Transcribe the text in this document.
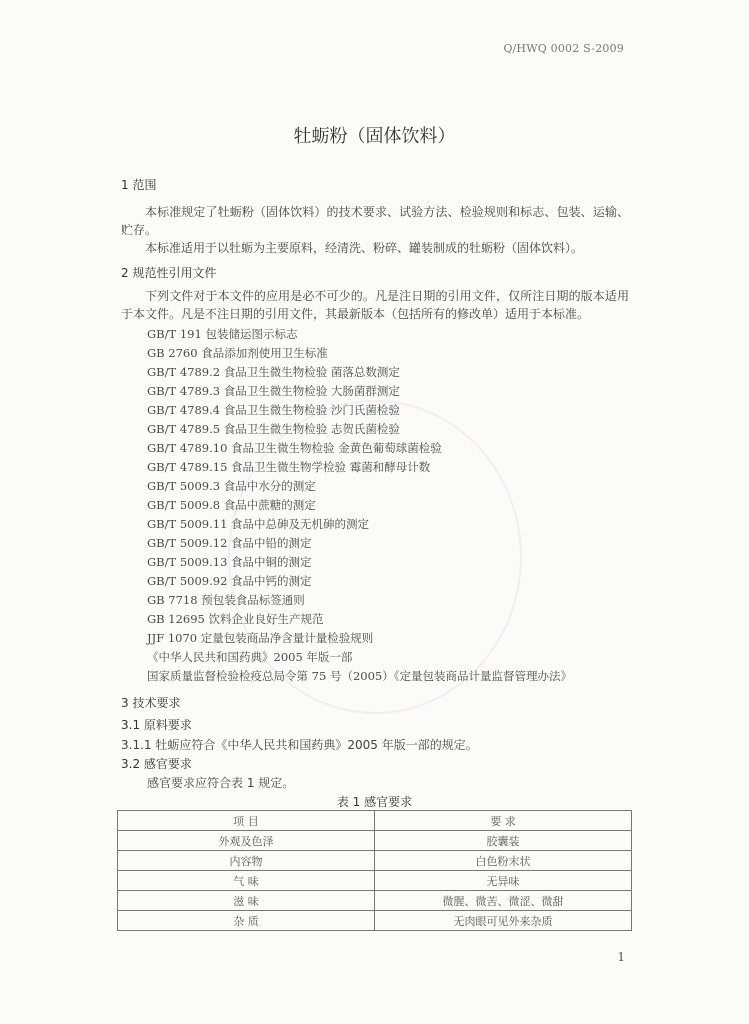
Q/HWQ 0002 S-2009
牡蛎粉（固体饮料）
1 范围
本标准规定了牡蛎粉（固体饮料）的技术要求、试验方法、检验规则和标志、包装、运输、贮存。
本标准适用于以牡蛎为主要原料，经清洗、粉碎、罐装制成的牡蛎粉（固体饮料）。
2 规范性引用文件
下列文件对于本文件的应用是必不可少的。凡是注日期的引用文件，仅所注日期的版本适用于本文件。凡是不注日期的引用文件，其最新版本（包括所有的修改单）适用于本标准。
GB/T 191 包装储运图示标志
GB 2760 食品添加剂使用卫生标准
GB/T 4789.2 食品卫生微生物检验 菌落总数测定
GB/T 4789.3 食品卫生微生物检验 大肠菌群测定
GB/T 4789.4 食品卫生微生物检验 沙门氏菌检验
GB/T 4789.5 食品卫生微生物检验 志贺氏菌检验
GB/T 4789.10 食品卫生微生物检验 金黄色葡萄球菌检验
GB/T 4789.15 食品卫生微生物学检验 霉菌和酵母计数
GB/T 5009.3 食品中水分的测定
GB/T 5009.8 食品中蔗糖的测定
GB/T 5009.11 食品中总砷及无机砷的测定
GB/T 5009.12 食品中铅的测定
GB/T 5009.13 食品中铜的测定
GB/T 5009.92 食品中钙的测定
GB 7718 预包装食品标签通则
GB 12695 饮料企业良好生产规范
JJF 1070 定量包装商品净含量计量检验规则
《中华人民共和国药典》2005 年版一部
国家质量监督检验检疫总局令第 75 号（2005）《定量包装商品计量监督管理办法》
3 技术要求
3.1 原料要求
3.1.1 牡蛎应符合《中华人民共和国药典》2005 年版一部的规定。
3.2 感官要求
感官要求应符合表 1 规定。
表 1 感官要求
项 目	要 求
外观及色泽	胶囊装
内容物	白色粉末状
气 味	无异味
滋 味	微腥、微苦、微涩、微甜
杂 质	无肉眼可见外来杂质
1
